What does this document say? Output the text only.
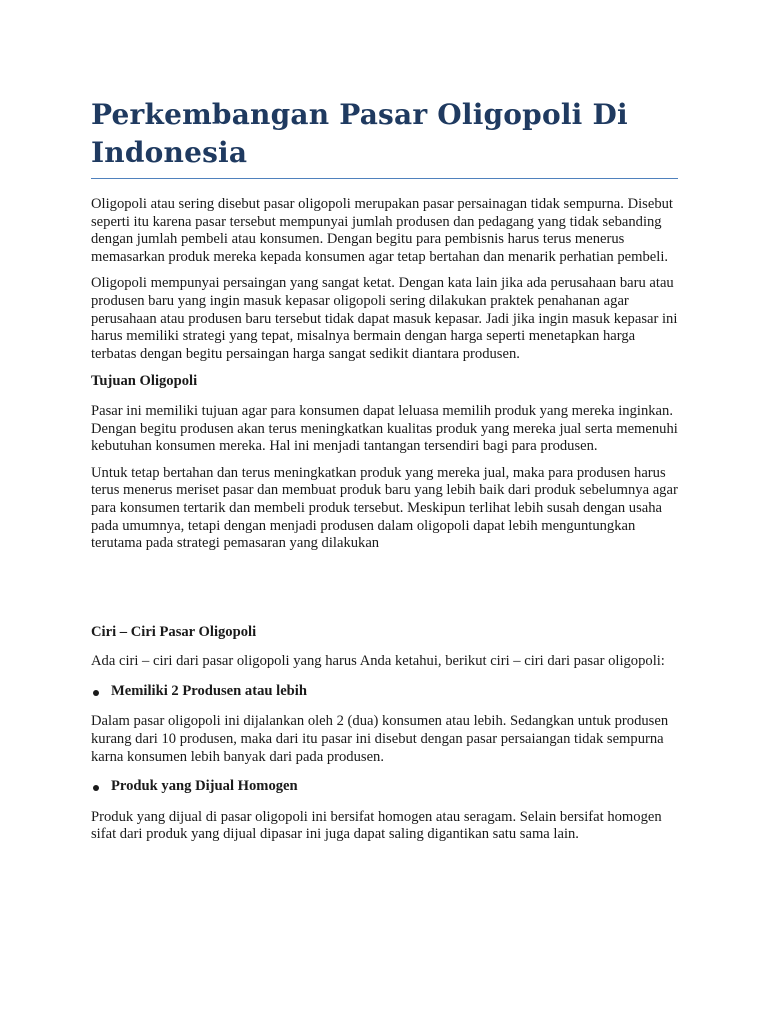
Perkembangan Pasar Oligopoli Di Indonesia

Oligopoli atau sering disebut pasar oligopoli merupakan pasar persainagan tidak sempurna. Disebut seperti itu karena pasar tersebut mempunyai jumlah produsen dan pedagang yang tidak sebanding dengan jumlah pembeli atau konsumen. Dengan begitu para pembisnis harus terus menerus memasarkan produk mereka kepada konsumen agar tetap bertahan dan menarik perhatian pembeli.

Oligopoli mempunyai persaingan yang sangat ketat. Dengan kata lain jika ada perusahaan baru atau produsen baru yang ingin masuk kepasar oligopoli sering dilakukan praktek penahanan agar perusahaan atau produsen baru tersebut tidak dapat masuk kepasar. Jadi jika ingin masuk kepasar ini harus memiliki strategi yang tepat, misalnya bermain dengan harga seperti menetapkan harga terbatas dengan begitu persaingan harga sangat sedikit diantara produsen.

Tujuan Oligopoli

Pasar ini memiliki tujuan agar para konsumen dapat leluasa memilih produk yang mereka inginkan. Dengan begitu produsen akan terus meningkatkan kualitas produk yang mereka jual serta memenuhi kebutuhan konsumen mereka. Hal ini menjadi tantangan tersendiri bagi para produsen.

Untuk tetap bertahan dan terus meningkatkan produk yang mereka jual, maka para produsen harus terus menerus meriset pasar dan membuat produk baru yang lebih baik dari produk sebelumnya agar para konsumen tertarik dan membeli produk tersebut. Meskipun terlihat lebih susah dengan usaha pada umumnya, tetapi dengan menjadi produsen dalam oligopoli dapat lebih menguntungkan terutama pada strategi pemasaran yang dilakukan

Ciri – Ciri Pasar Oligopoli

Ada ciri – ciri dari pasar oligopoli yang harus Anda ketahui, berikut ciri – ciri dari pasar oligopoli:

Memiliki 2 Produsen atau lebih

Dalam pasar oligopoli ini dijalankan oleh 2 (dua) konsumen atau lebih. Sedangkan untuk produsen kurang dari 10 produsen, maka dari itu pasar ini disebut dengan pasar persaiangan tidak sempurna karna konsumen lebih banyak dari pada produsen.

Produk yang Dijual Homogen

Produk yang dijual di pasar oligopoli ini bersifat homogen atau seragam. Selain bersifat homogen sifat dari produk yang dijual dipasar ini juga dapat saling digantikan satu sama lain.
